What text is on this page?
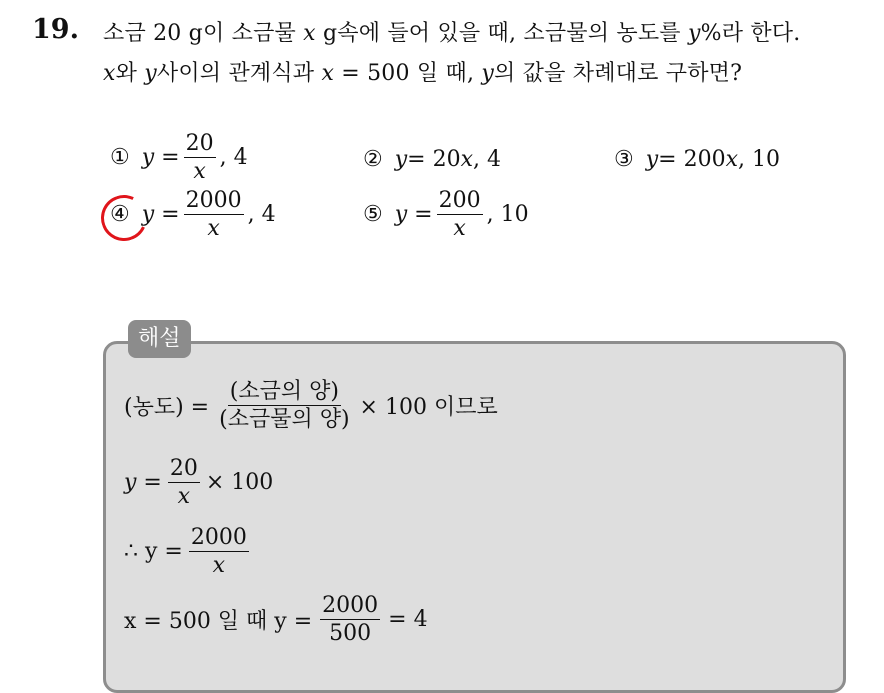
19. 소금 20 g이 소금물 x g속에 들어 있을 때, 소금물의 농도를 y%라 한다.
x와 y사이의 관계식과 x = 500 일 때, y의 값을 차례대로 구하면?
① $y = \frac{20}{x}$ , 4	② y = 20 x , 4	③ y = 200 x , 10
④ $y = \frac{2000}{x}$ , 4	⑤ $y = \frac{200}{x}$ , 10
해설
(농도) = $\frac{\text{(소금의 양)}}{\text{(소금물의 양)}} \times 100$ 이므로
$y = \frac{20}{x} \times 100$
∴ $y = \frac{2000}{x}$
x = 500 일 때 $y = \frac{2000}{500} = 4$
